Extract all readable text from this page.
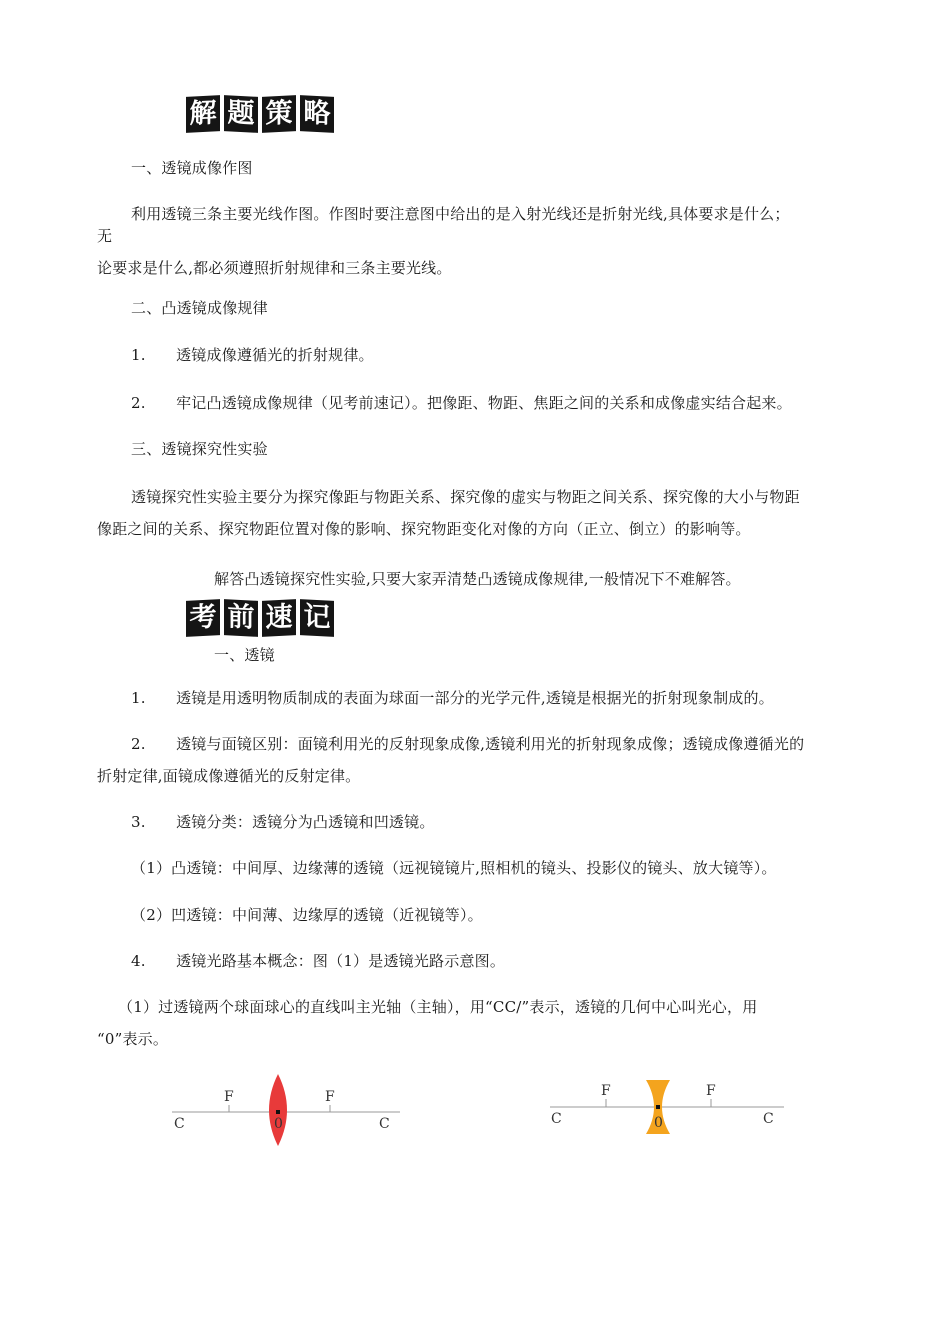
解 题 策 略
一、透镜成像作图
利用透镜三条主要光线作图。作图时要注意图中给出的是入射光线还是折射光线,具体要求是什么；
无
论要求是什么,都必须遵照折射规律和三条主要光线。
二、凸透镜成像规律
1.　　透镜成像遵循光的折射规律。
2.　　牢记凸透镜成像规律（见考前速记）。把像距、物距、焦距之间的关系和成像虚实结合起来。
三、透镜探究性实验
透镜探究性实验主要分为探究像距与物距关系、探究像的虚实与物距之间关系、探究像的大小与物距
像距之间的关系、探究物距位置对像的影响、探究物距变化对像的方向（正立、倒立）的影响等。
解答凸透镜探究性实验,只要大家弄清楚凸透镜成像规律,一般情况下不难解答。
考 前 速 记
一、透镜
1.　　透镜是用透明物质制成的表面为球面一部分的光学元件,透镜是根据光的折射现象制成的。
2.　　透镜与面镜区别：面镜利用光的反射现象成像,透镜利用光的折射现象成像；透镜成像遵循光的
折射定律,面镜成像遵循光的反射定律。
3.　　透镜分类：透镜分为凸透镜和凹透镜。
（1）凸透镜：中间厚、边缘薄的透镜（远视镜镜片,照相机的镜头、投影仪的镜头、放大镜等）。
（2）凹透镜：中间薄、边缘厚的透镜（近视镜等）。
4.　　透镜光路基本概念：图（1）是透镜光路示意图。
（1）过透镜两个球面球心的直线叫主光轴（主轴），用“CC/”表示，透镜的几何中心叫光心，用
“0”表示。
F	F
C	C
0
F	F
C	C
0
